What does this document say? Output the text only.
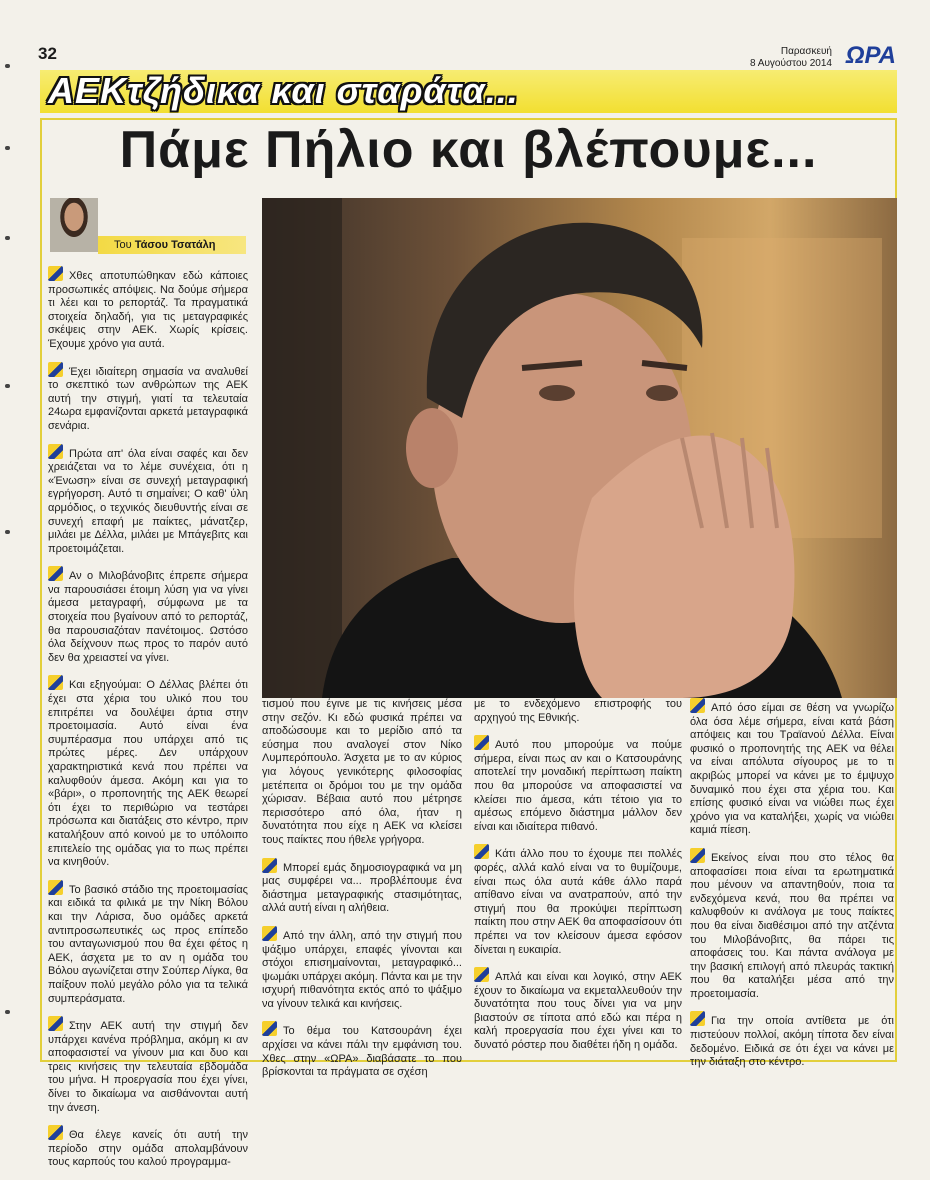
32	Παρασκευή
8 Αυγούστου 2014 ΩΡΑ
ΑΕΚτζήδικα και σταράτα...
Πάμε Πήλιο και βλέπουμε...
Του Τάσου Τσατάλη

Χθες αποτυπώθηκαν εδώ κάποιες προσωπικές απόψεις. Να δούμε σήμερα τι λέει και το ρεπορτάζ. Τα πραγματικά στοιχεία δηλαδή, για τις μεταγραφικές σκέψεις στην ΑΕΚ. Χωρίς κρίσεις. Έχουμε χρόνο για αυτά.

Έχει ιδιαίτερη σημασία να αναλυθεί το σκεπτικό των ανθρώπων της ΑΕΚ αυτή την στιγμή, γιατί τα τελευταία 24ωρα εμφανίζονται αρκετά μεταγραφικά σενάρια.

Πρώτα απ' όλα είναι σαφές και δεν χρειάζεται να το λέμε συνέχεια, ότι η «Ένωση» είναι σε συνεχή μεταγραφική εγρήγορση. Αυτό τι σημαίνει; Ο καθ' ύλη αρμόδιος, ο τεχνικός διευθυντής είναι σε συνεχή επαφή με παίκτες, μάνατζερ, μιλάει με Δέλλα, μιλάει με Μπάγεβιτς και προετοιμάζεται.

Αν ο Μιλοβάνοβιτς έπρεπε σήμερα να παρουσιάσει έτοιμη λύση για να γίνει άμεσα μεταγραφή, σύμφωνα με τα στοιχεία που βγαίνουν από το ρεπορτάζ, θα παρουσιαζόταν πανέτοιμος. Ωστόσο όλα δείχνουν πως προς το παρόν αυτό δεν θα χρειαστεί να γίνει.

Και εξηγούμαι: Ο Δέλλας βλέπει ότι έχει στα χέρια του υλικό που του επιτρέπει να δουλέψει άρτια στην προετοιμασία. Αυτό είναι ένα συμπέρασμα που υπάρχει από τις πρώτες μέρες. Δεν υπάρχουν χαρακτηριστικά κενά που πρέπει να καλυφθούν άμεσα. Ακόμη και για το «βάρι», ο προπονητής της ΑΕΚ θεωρεί ότι έχει το περιθώριο να τεστάρει πρόσωπα και διατάξεις στο κέντρο, πριν καταλήξουν από κοινού με το υπόλοιπο επιτελείο της ομάδας για το πως πρέπει να κινηθούν.

Το βασικό στάδιο της προετοιμασίας και ειδικά τα φιλικά με την Νίκη Βόλου και την Λάρισα, δυο ομάδες αρκετά αντιπροσωπευτικές ως προς επίπεδο του ανταγωνισμού που θα έχει φέτος η ΑΕΚ, άσχετα με το αν η ομάδα του Βόλου αγωνίζεται στην Σούπερ Λίγκα, θα παίξουν πολύ μεγάλο ρόλο για τα τελικά συμπεράσματα.

Στην ΑΕΚ αυτή την στιγμή δεν υπάρχει κανένα πρόβλημα, ακόμη κι αν αποφασιστεί να γίνουν μια και δυο και τρεις κινήσεις την τελευταία εβδομάδα του μήνα. Η προεργασία που έχει γίνει, δίνει το δικαίωμα να αισθάνονται αυτή την άνεση.

Θα έλεγε κανείς ότι αυτή την περίοδο στην ομάδα απολαμβάνουν τους καρπούς του καλού προγραμμα-

τισμού που έγινε με τις κινήσεις μέσα στην σεζόν. Κι εδώ φυσικά πρέπει να αποδώσουμε και το μερίδιο από τα εύσημα που αναλογεί στον Νίκο Λυμπερόπουλο. Άσχετα με το αν κύριος για λόγους γενικότερης φιλοσοφίας μετέπειτα οι δρόμοι του με την ομάδα χώρισαν. Βέβαια αυτό που μέτρησε περισσότερο από όλα, ήταν η δυνατότητα που είχε η ΑΕΚ να κλείσει τους παίκτες που ήθελε γρήγορα.

Μπορεί εμάς δημοσιογραφικά να μη μας συμφέρει να... προβλέπουμε ένα διάστημα μεταγραφικής στασιμότητας, αλλά αυτή είναι η αλήθεια.

Από την άλλη, από την στιγμή που ψάξιμο υπάρχει, επαφές γίνονται και στόχοι επισημαίνονται, μεταγραφικό... ψωμάκι υπάρχει ακόμη. Πάντα και με την ισχυρή πιθανότητα εκτός από το ψάξιμο να γίνουν τελικά και κινήσεις.

Το θέμα του Κατσουράνη έχει αρχίσει να κάνει πάλι την εμφάνιση του. Χθες στην «ΩΡΑ» διαβάσατε το που βρίσκονται τα πράγματα σε σχέση

με το ενδεχόμενο επιστροφής του αρχηγού της Εθνικής.

Αυτό που μπορούμε να πούμε σήμερα, είναι πως αν και ο Κατσουράνης αποτελεί την μοναδική περίπτωση παίκτη που θα μπορούσε να αποφασιστεί να κλείσει πιο άμεσα, κάτι τέτοιο για το αμέσως επόμενο διάστημα μάλλον δεν είναι και ιδιαίτερα πιθανό.

Κάτι άλλο που το έχουμε πει πολλές φορές, αλλά καλό είναι να το θυμίζουμε, είναι πως όλα αυτά κάθε άλλο παρά απίθανο είναι να ανατραπούν, από την στιγμή που θα προκύψει περίπτωση παίκτη που στην ΑΕΚ θα αποφασίσουν ότι πρέπει να τον κλείσουν άμεσα εφόσον δίνεται η ευκαιρία.

Απλά και είναι και λογικό, στην ΑΕΚ έχουν το δικαίωμα να εκμεταλλευθούν την δυνατότητα που τους δίνει για να μην βιαστούν σε τίποτα από εδώ και πέρα η καλή προεργασία που έχει γίνει και το δυνατό ρόστερ που διαθέτει ήδη η ομάδα.

Από όσο είμαι σε θέση να γνωρίζω όλα όσα λέμε σήμερα, είναι κατά βάση απόψεις και του Τραϊανού Δέλλα. Είναι φυσικό ο προπονητής της ΑΕΚ να θέλει να είναι απόλυτα σίγουρος με το τι ακριβώς μπορεί να κάνει με το έμψυχο δυναμικό που έχει στα χέρια του. Και επίσης φυσικό είναι να νιώθει πως έχει χρόνο για να καταλήξει, χωρίς να νιώθει καμιά πίεση.

Εκείνος είναι που στο τέλος θα αποφασίσει ποια είναι τα ερωτηματικά που μένουν να απαντηθούν, ποια τα ενδεχόμενα κενά, που θα πρέπει να καλυφθούν κι ανάλογα με τους παίκτες που θα είναι διαθέσιμοι από την ατζέντα του Μιλοβάνοβιτς, θα πάρει τις αποφάσεις του. Και πάντα ανάλογα με την βασική επιλογή από πλευράς τακτική που θα καταλήξει μέσα από την προετοιμασία.

Για την οποία αντίθετα με ότι πιστεύουν πολλοί, ακόμη τίποτα δεν είναι δεδομένο. Ειδικά σε ότι έχει να κάνει με την διάταξη στο κέντρο.
